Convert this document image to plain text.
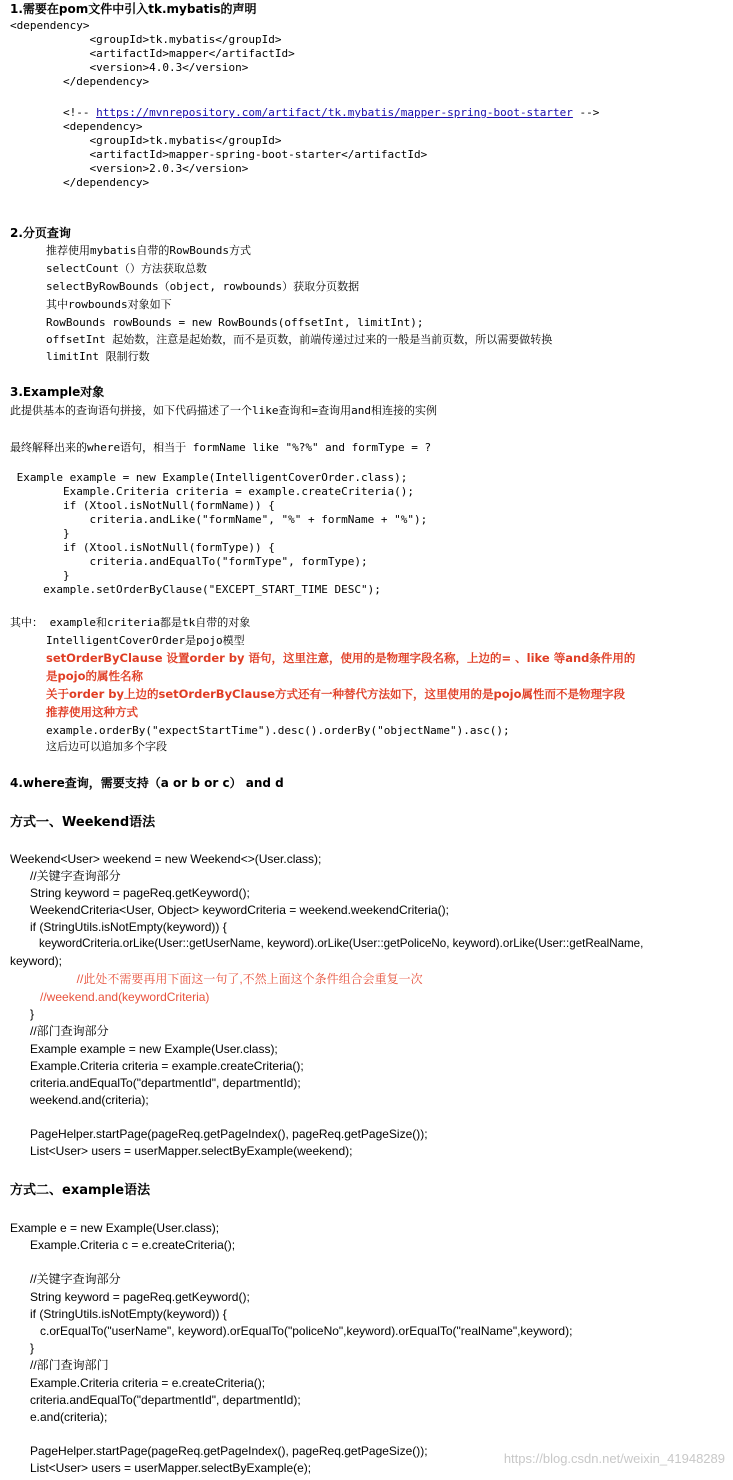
1.需要在pom文件中引入tk.mybatis的声明
<dependency>
<groupId>tk.mybatis</groupId>
<artifactId>mapper</artifactId>
<version>4.0.3</version>
</dependency>
<!-- https://mvnrepository.com/artifact/tk.mybatis/mapper-spring-boot-starter -->
<dependency>
<groupId>tk.mybatis</groupId>
<artifactId>mapper-spring-boot-starter</artifactId>
<version>2.0.3</version>
</dependency>
2.分页查询
推荐使用mybatis自带的RowBounds方式
selectCount（）方法获取总数
selectByRowBounds（object, rowbounds）获取分页数据
其中rowbounds对象如下
RowBounds rowBounds = new RowBounds(offsetInt, limitInt);
offsetInt 起始数，注意是起始数，而不是页数，前端传递过过来的一般是当前页数，所以需要做转换
limitInt 限制行数
3.Example对象
此提供基本的查询语句拼接，如下代码描述了一个like查询和=查询用and相连接的实例
最终解释出来的where语句，相当于 formName like "%?%" and formType = ?
Example example = new Example(IntelligentCoverOrder.class);
Example.Criteria criteria = example.createCriteria();
if (Xtool.isNotNull(formName)) {
criteria.andLike("formName", "%" + formName + "%");
}
if (Xtool.isNotNull(formType)) {
criteria.andEqualTo("formType", formType);
}
example.setOrderByClause("EXCEPT_START_TIME DESC");
其中： example和criteria都是tk自带的对象
IntelligentCoverOrder是pojo模型
setOrderByClause 设置order by 语句，这里注意，使用的是物理字段名称，上边的= 、like 等and条件用的
是pojo的属性名称
关于order by上边的setOrderByClause方式还有一种替代方法如下，这里使用的是pojo属性而不是物理字段
推荐使用这种方式
example.orderBy("expectStartTime").desc().orderBy("objectName").asc();
这后边可以追加多个字段
4.where查询，需要支持（a or b or c） and d
方式一、Weekend语法
Weekend<User> weekend = new Weekend<>(User.class);
//关键字查询部分
String keyword = pageReq.getKeyword();
WeekendCriteria<User, Object> keywordCriteria = weekend.weekendCriteria();
if (StringUtils.isNotEmpty(keyword)) {
keywordCriteria.orLike(User::getUserName, keyword).orLike(User::getPoliceNo, keyword).orLike(User::getRealName,
keyword);
//此处不需要再用下面这一句了,不然上面这个条件组合会重复一次
//weekend.and(keywordCriteria)
}
//部门查询部分
Example example = new Example(User.class);
Example.Criteria criteria = example.createCriteria();
criteria.andEqualTo("departmentId", departmentId);
weekend.and(criteria);
PageHelper.startPage(pageReq.getPageIndex(), pageReq.getPageSize());
List<User> users = userMapper.selectByExample(weekend);
方式二、example语法
Example e = new Example(User.class);
Example.Criteria c = e.createCriteria();
//关键字查询部分
String keyword = pageReq.getKeyword();
if (StringUtils.isNotEmpty(keyword)) {
c.orEqualTo("userName", keyword).orEqualTo("policeNo",keyword).orEqualTo("realName",keyword);
}
//部门查询部门
Example.Criteria criteria = e.createCriteria();
criteria.andEqualTo("departmentId", departmentId);
e.and(criteria);
PageHelper.startPage(pageReq.getPageIndex(), pageReq.getPageSize());
List<User> users = userMapper.selectByExample(e);
https://blog.csdn.net/weixin_41948289
